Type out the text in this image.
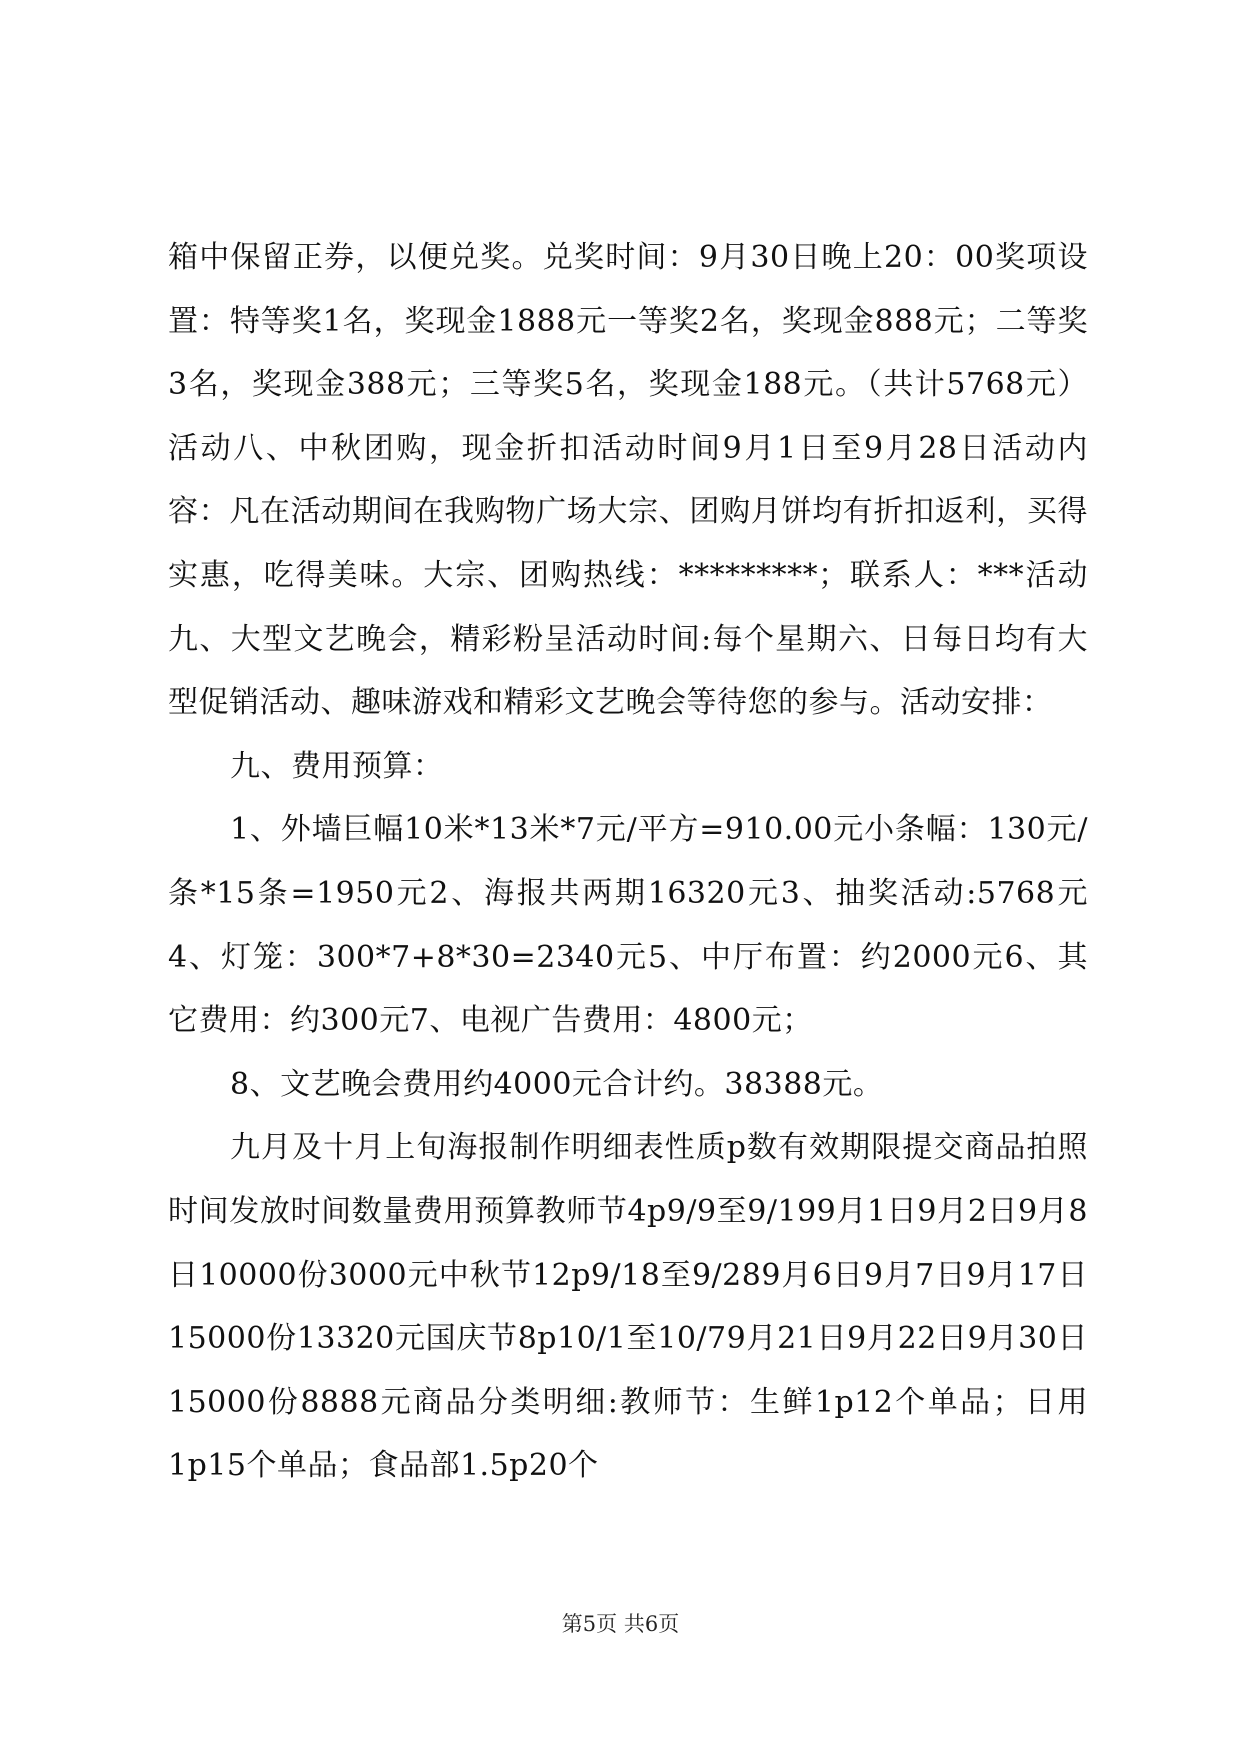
箱中保留正券，以便兑奖。兑奖时间：9月30日晚上20：00奖项设置：特等奖1名，奖现金1888元一等奖2名，奖现金888元；二等奖3名，奖现金388元；三等奖5名，奖现金188元。（共计5768元）活动八、中秋团购，现金折扣活动时间9月1日至9月28日活动内容：凡在活动期间在我购物广场大宗、团购月饼均有折扣返利，买得实惠，吃得美味。大宗、团购热线：*********；联系人：***活动九、大型文艺晚会，精彩粉呈活动时间:每个星期六、日每日均有大型促销活动、趣味游戏和精彩文艺晚会等待您的参与。活动安排：

九、费用预算：

1、外墙巨幅10米*13米*7元/平方=910.00元小条幅：130元/条*15条=1950元2、海报共两期16320元3、抽奖活动:5768元4、灯笼：300*7+8*30=2340元5、中厅布置：约2000元6、其它费用：约300元7、电视广告费用：4800元；

8、文艺晚会费用约4000元合计约。38388元。

九月及十月上旬海报制作明细表性质p数有效期限提交商品拍照时间发放时间数量费用预算教师节4p9/9至9/199月1日9月2日9月8日10000份3000元中秋节12p9/18至9/289月6日9月7日9月17日15000份13320元国庆节8p10/1至10/79月21日9月22日9月30日15000份8888元商品分类明细:教师节：生鲜1p12个单品；日用1p15个单品；食品部1.5p20个

第5页 共6页
